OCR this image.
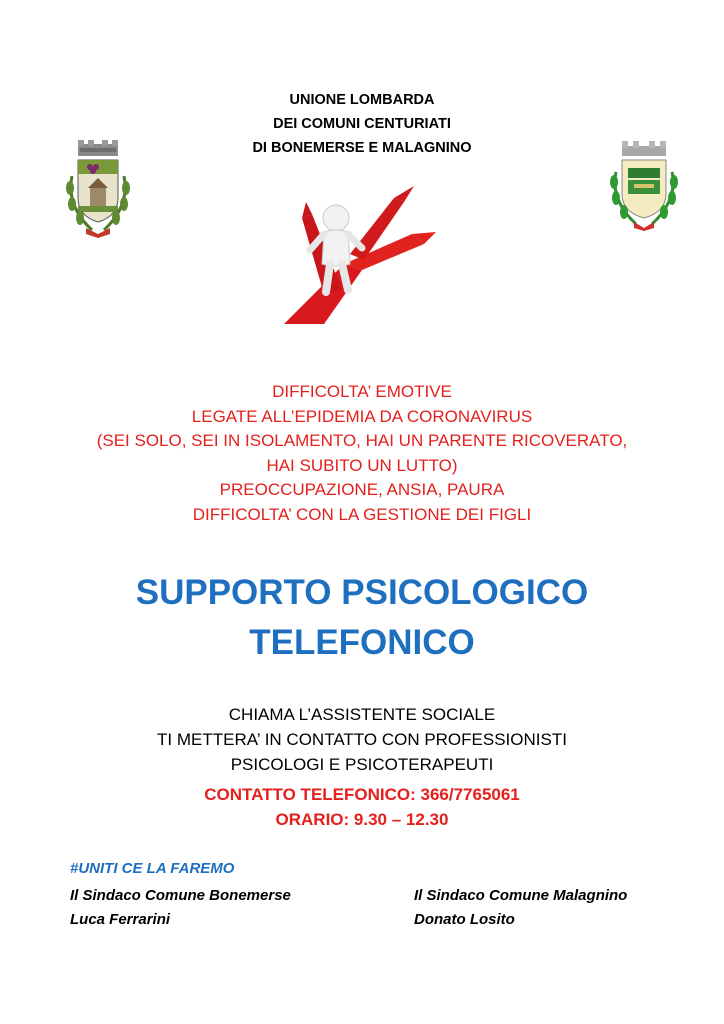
UNIONE LOMBARDA
DEI COMUNI CENTURIATI
DI BONEMERSE E MALAGNINO
DIFFICOLTA’ EMOTIVE
LEGATE ALL’EPIDEMIA DA CORONAVIRUS
(SEI SOLO, SEI IN ISOLAMENTO, HAI UN PARENTE RICOVERATO,
HAI SUBITO UN LUTTO)
PREOCCUPAZIONE, ANSIA, PAURA
DIFFICOLTA’ CON LA GESTIONE DEI FIGLI
SUPPORTO PSICOLOGICO
TELEFONICO
CHIAMA L’ASSISTENTE SOCIALE
TI METTERA’ IN CONTATTO CON PROFESSIONISTI
PSICOLOGI E PSICOTERAPEUTI
CONTATTO TELEFONICO: 366/7765061
ORARIO: 9.30 – 12.30
#UNITI CE LA FAREMO
Il Sindaco Comune Bonemerse
Luca Ferrarini
Il Sindaco Comune Malagnino
Donato Losito
